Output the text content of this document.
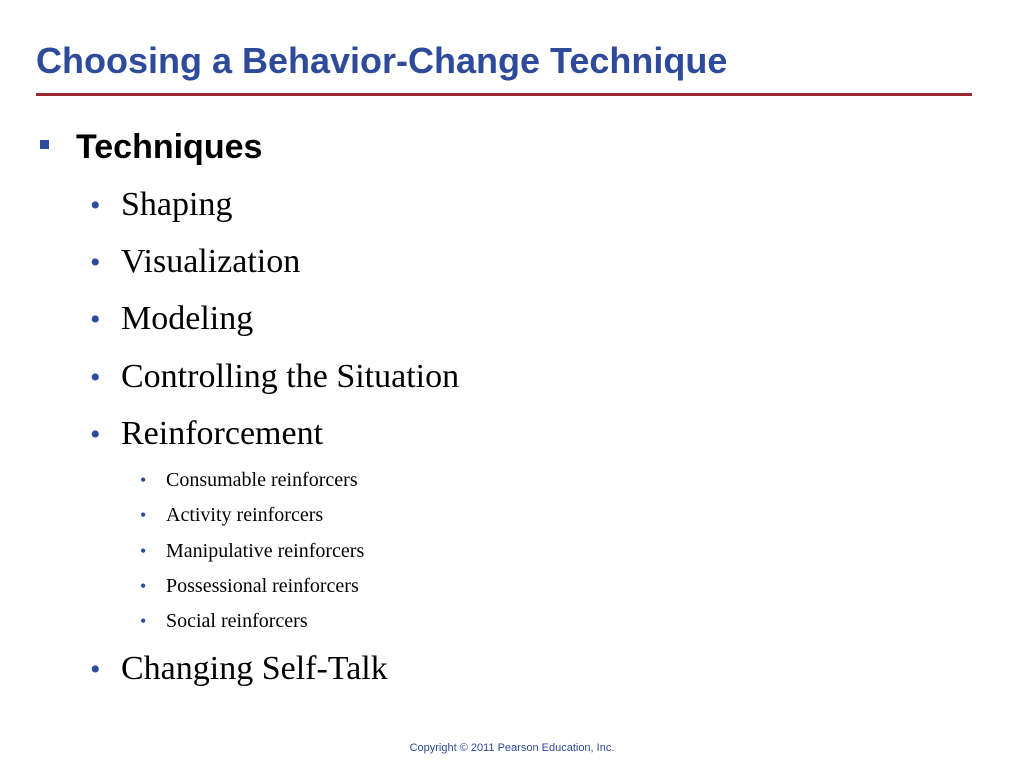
Choosing a Behavior-Change Technique
Techniques
• Shaping
• Visualization
• Modeling
• Controlling the Situation
• Reinforcement
• Consumable reinforcers
• Activity reinforcers
• Manipulative reinforcers
• Possessional reinforcers
• Social reinforcers
• Changing Self-Talk
Copyright © 2011 Pearson Education, Inc.
